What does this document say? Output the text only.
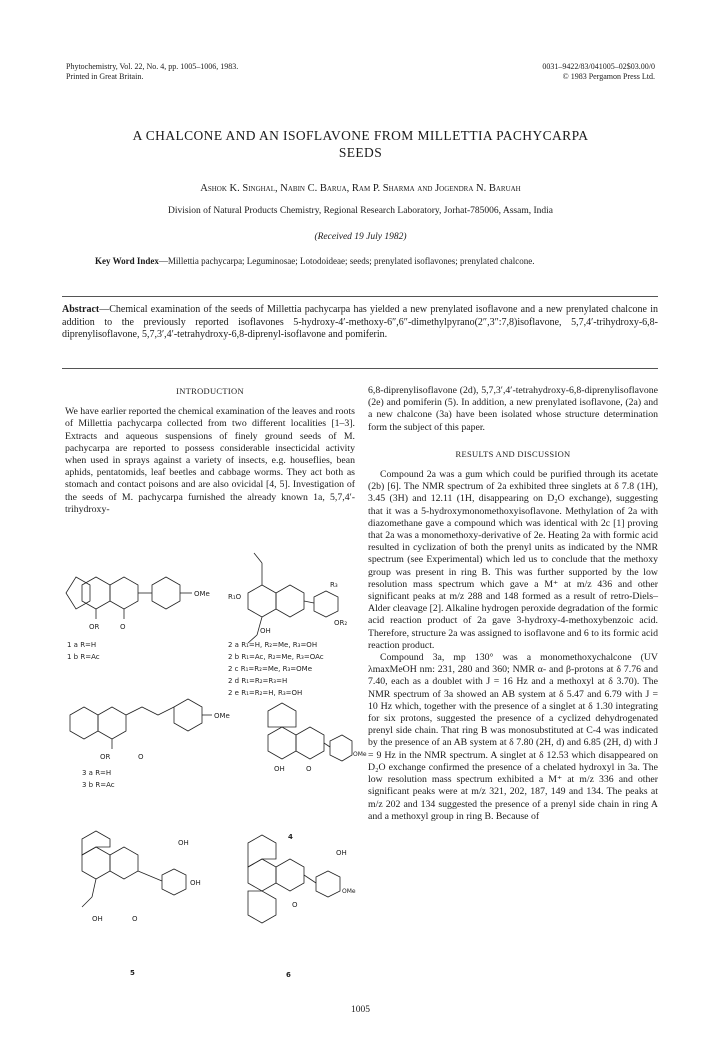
Phytochemistry, Vol. 22, No. 4, pp. 1005–1006, 1983.
Printed in Great Britain.
0031–9422/83/041005–02$03.00/0
© 1983 Pergamon Press Ltd.
A CHALCONE AND AN ISOFLAVONE FROM MILLETTIA PACHYCARPA
SEEDS
Ashok K. Singhal, Nabin C. Barua, Ram P. Sharma and Jogendra N. Baruah
Division of Natural Products Chemistry, Regional Research Laboratory, Jorhat-785006, Assam, India
(Received 19 July 1982)
Key Word Index—Millettia pachycarpa; Leguminosae; Lotodoideae; seeds; prenylated isoflavones; prenylated chalcone.
Abstract—Chemical examination of the seeds of Millettia pachycarpa has yielded a new prenylated isoflavone and a new prenylated chalcone in addition to the previously reported isoflavones 5-hydroxy-4′-methoxy-6″,6″-dimethylpyrano(2″,3″:7,8)isoflavone, 5,7,4′-trihydroxy-6,8-diprenylisoflavone, 5,7,3′,4′-tetrahydroxy-6,8-diprenyl-isoflavone and pomiferin.
INTRODUCTION

We have earlier reported the chemical examination of the leaves and roots of Millettia pachycarpa collected from two different localities [1–3]. Extracts and aqueous suspensions of finely ground seeds of M. pachycarpa are reported to possess considerable insecticidal activity when used in sprays against a variety of insects, e.g. houseflies, bean aphids, pentatomids, leaf beetles and cabbage worms. They act both as stomach and contact poisons and are also ovicidal [4, 5]. Investigation of the seeds of M. pachycarpa furnished the already known 1a, 5,7,4′-trihydroxy-

OMe
OR	O
1 a R=H
1 b R=Ac
R₁O
R₃
OR₂
OH
2 a R₁=H, R₂=Me, R₃=OH
2 b R₁=Ac, R₂=Me, R₃=OAc
2 c R₁=R₂=Me, R₃=OMe
2 d R₁=R₂=R₃=H
2 e R₁=R₂=H, R₃=OH
OMe
OR	O
3 a R=H
3 b R=Ac
OMe
OH	O
4
OH
OH
OH	O
5
OH
OMe
O
6

6,8-diprenylisoflavone (2d), 5,7,3′,4′-tetrahydroxy-6,8-diprenylisoflavone (2e) and pomiferin (5). In addition, a new prenylated isoflavone, (2a) and a new chalcone (3a) have been isolated whose structure determination form the subject of this paper.

RESULTS AND DISCUSSION

Compound 2a was a gum which could be purified through its acetate (2b) [6]. The NMR spectrum of 2a exhibited three singlets at δ 7.8 (1H), 3.45 (3H) and 12.11 (1H, disappearing on D₂O exchange), suggesting that it was a 5-hydroxymonomethoxyisoflavone. Methylation of 2a with diazomethane gave a compound which was identical with 2c [1] proving that 2a was a monomethoxy-derivative of 2e. Heating 2a with formic acid resulted in cyclization of both the prenyl units as indicated by the NMR spectrum (see Experimental) which led us to conclude that the methoxy group was present in ring B. This was further supported by the low resolution mass spectrum which gave a M⁺ at m/z 436 and other significant peaks at m/z 288 and 148 formed as a result of retro-Diels–Alder cleavage [2]. Alkaline hydrogen peroxide degradation of the formic acid reaction product of 2a gave 3-hydroxy-4-methoxybenzoic acid. Therefore, structure 2a was assigned to isoflavone and 6 to its formic acid reaction product.

Compound 3a, mp 130° was a monomethoxychalcone (UV λmaxMeOH nm: 231, 280 and 360; NMR α- and β-protons at δ 7.76 and 7.40, each as a doublet with J = 16 Hz and a methoxyl at δ 3.70). The NMR spectrum of 3a showed an AB system at δ 5.47 and 6.79 with J = 10 Hz which, together with the presence of a singlet at δ 1.30 integrating for six protons, suggested the presence of a cyclized dehydrogenated prenyl side chain. That ring B was monosubstituted at C-4 was indicated by the presence of an AB system at δ 7.80 (2H, d) and 6.85 (2H, d) with J = 9 Hz in the NMR spectrum. A singlet at δ 12.53 which disappeared on D₂O exchange confirmed the presence of a chelated hydroxyl in 3a. The low resolution mass spectrum exhibited a M⁺ at m/z 336 and other significant peaks were at m/z 321, 202, 187, 149 and 134. The peaks at m/z 202 and 134 suggested the presence of a prenyl side chain in ring A and a methoxyl group in ring B. Because of

1005
